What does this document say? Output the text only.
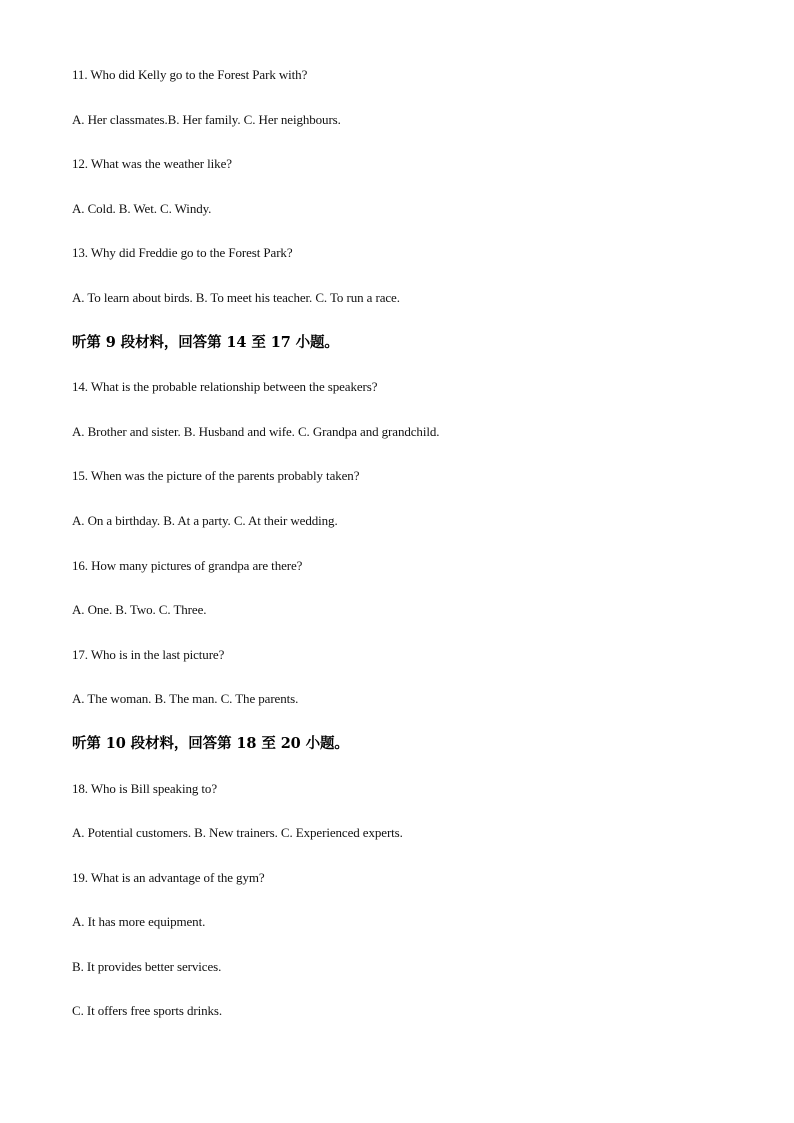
11. Who did Kelly go to the Forest Park with?
A. Her classmates.B. Her family. C. Her neighbours.
12. What was the weather like?
A. Cold. B. Wet. C. Windy.
13. Why did Freddie go to the Forest Park?
A. To learn about birds. B. To meet his teacher. C. To run a race.
听第 9 段材料，回答第 14 至 17 小题。
14. What is the probable relationship between the speakers?
A. Brother and sister. B. Husband and wife. C. Grandpa and grandchild.
15. When was the picture of the parents probably taken?
A. On a birthday. B. At a party. C. At their wedding.
16. How many pictures of grandpa are there?
A. One. B. Two. C. Three.
17. Who is in the last picture?
A. The woman. B. The man. C. The parents.
听第 10 段材料，回答第 18 至 20 小题。
18. Who is Bill speaking to?
A. Potential customers. B. New trainers. C. Experienced experts.
19. What is an advantage of the gym?
A. It has more equipment.
B. It provides better services.
C. It offers free sports drinks.
